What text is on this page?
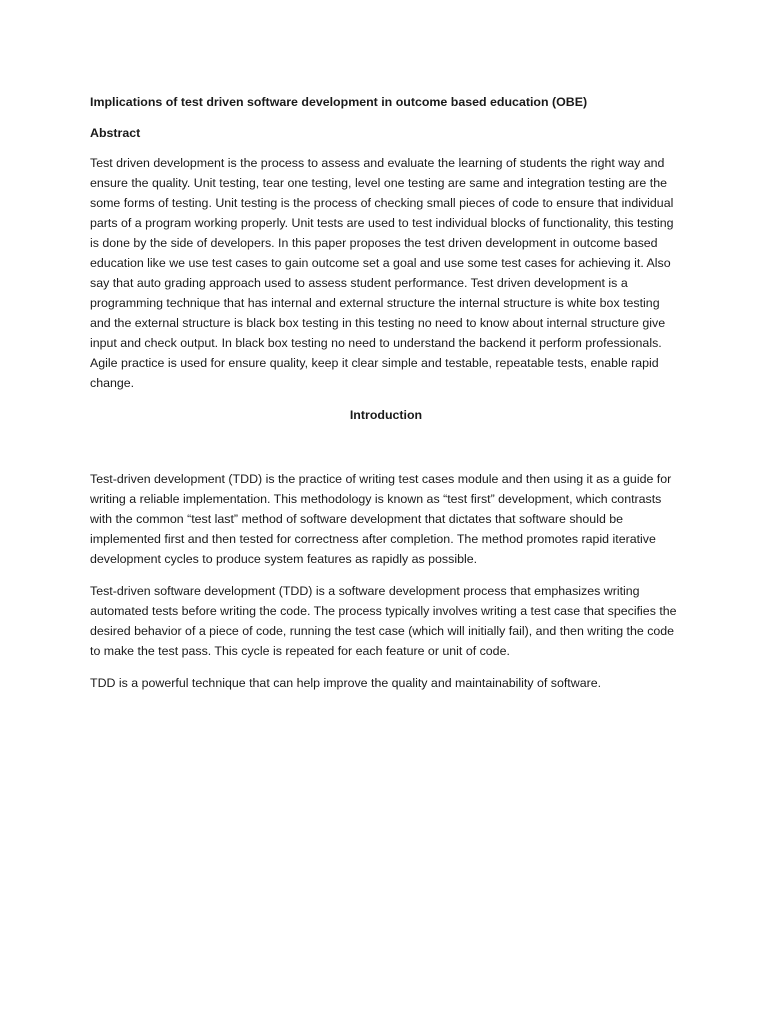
Implications of test driven software development in outcome based education (OBE)

Abstract

Test driven development is the process to assess and evaluate the learning of students the right way and ensure the quality. Unit testing, tear one testing, level one testing are same and integration testing are the some forms of testing. Unit testing is the process of checking small pieces of code to ensure that individual parts of a program working properly. Unit tests are used to test individual blocks of functionality, this testing is done by the side of developers. In this paper proposes the test driven development in outcome based education like we use test cases to gain outcome set a goal and use some test cases for achieving it. Also say that auto grading approach used to assess student performance. Test driven development is a programming technique that has internal and external structure the internal structure is white box testing and the external structure is black box testing in this testing no need to know about internal structure give input and check output. In black box testing no need to understand the backend it perform professionals. Agile practice is used for ensure quality, keep it clear simple and testable, repeatable tests, enable rapid change.

Introduction

Test-driven development (TDD) is the practice of writing test cases module and then using it as a guide for writing a reliable implementation. This methodology is known as “test first” development, which contrasts with the common “test last” method of software development that dictates that software should be implemented first and then tested for correctness after completion. The method promotes rapid iterative development cycles to produce system features as rapidly as possible.

Test-driven software development (TDD) is a software development process that emphasizes writing automated tests before writing the code. The process typically involves writing a test case that specifies the desired behavior of a piece of code, running the test case (which will initially fail), and then writing the code to make the test pass. This cycle is repeated for each feature or unit of code.

TDD is a powerful technique that can help improve the quality and maintainability of software.
